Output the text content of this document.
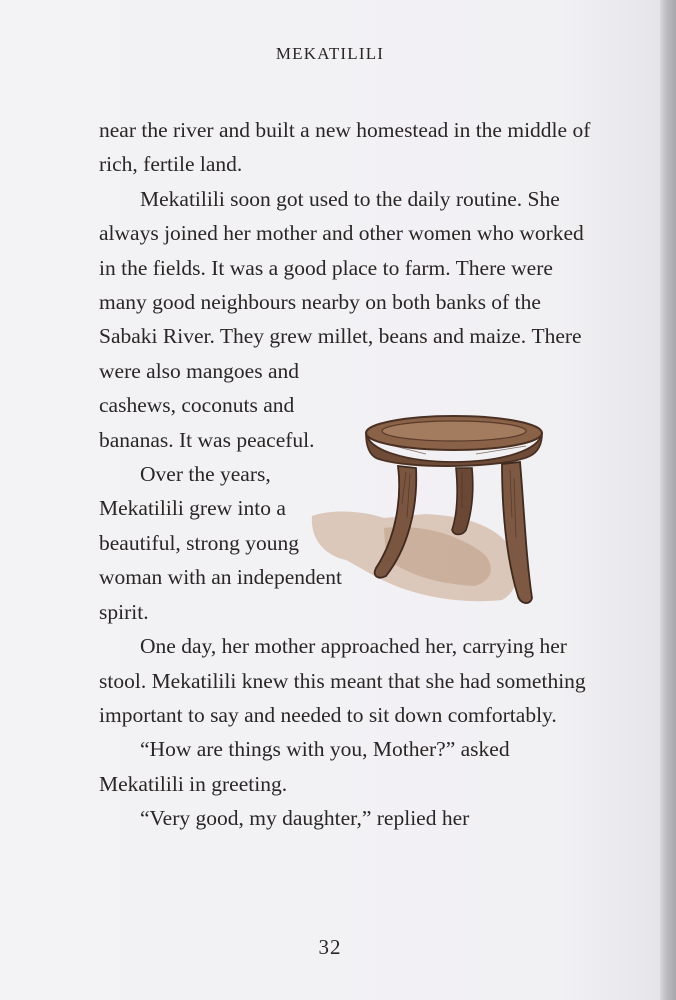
MEKATILILI

near the river and built a new homestead in the middle of rich, fertile land.

Mekatilili soon got used to the daily routine. She always joined her mother and other women who worked in the fields. It was a good place to farm. There were many good neighbours nearby on both banks of the Sabaki River. They grew millet, beans and maize.
There were also mangoes and cashews, coconuts and bananas. It was peaceful.

Over the years, Mekatilili grew into a beautiful, strong young woman with an independent spirit.

One day, her mother approached her, carrying her stool. Mekatilili knew this meant that she had something important to say and needed to sit down comfortably.

“How are things with you, Mother?” asked Mekatilili in greeting.

“Very good, my daughter,” replied her

32
